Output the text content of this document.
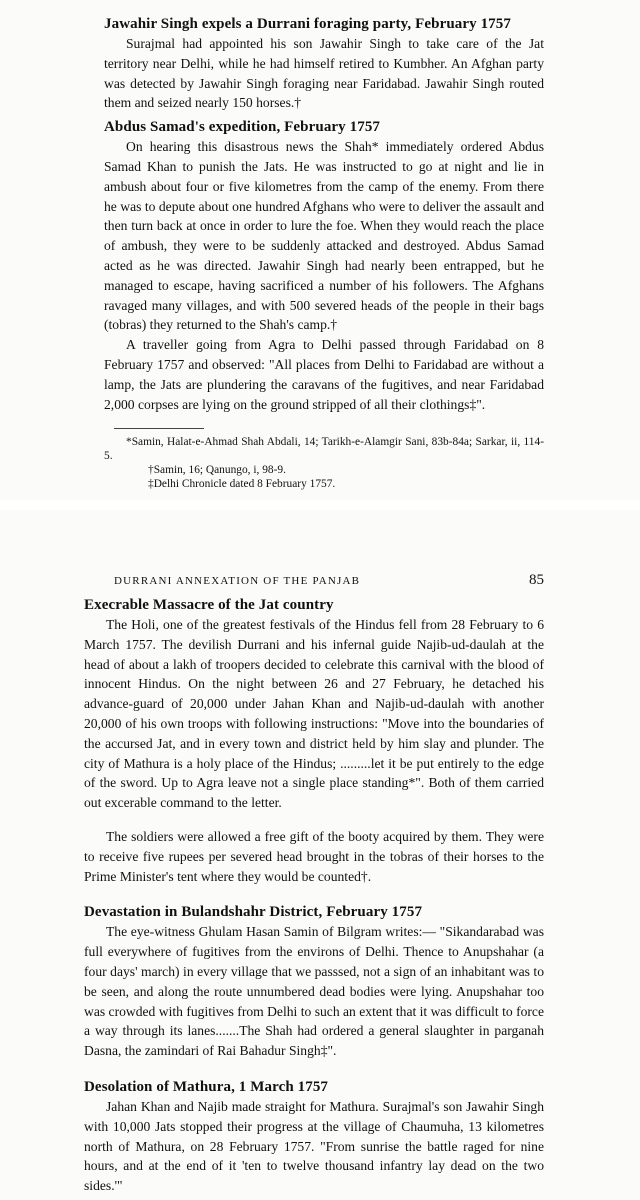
Jawahir Singh expels a Durrani foraging party, February 1757

Surajmal had appointed his son Jawahir Singh to take care of the Jat territory near Delhi, while he had himself retired to Kumbher. An Afghan party was detected by Jawahir Singh foraging near Faridabad. Jawahir Singh routed them and seized nearly 150 horses.†

Abdus Samad's expedition, February 1757

On hearing this disastrous news the Shah* immediately ordered Abdus Samad Khan to punish the Jats. He was instructed to go at night and lie in ambush about four or five kilometres from the camp of the enemy. From there he was to depute about one hundred Afghans who were to deliver the assault and then turn back at once in order to lure the foe. When they would reach the place of ambush, they were to be suddenly attacked and destroyed. Abdus Samad acted as he was directed. Jawahir Singh had nearly been entrapped, but he managed to escape, having sacrificed a number of his followers. The Afghans ravaged many villages, and with 500 severed heads of the people in their bags (tobras) they returned to the Shah's camp.†

A traveller going from Agra to Delhi passed through Faridabad on 8 February 1757 and observed: "All places from Delhi to Faridabad are without a lamp, the Jats are plundering the caravans of the fugitives, and near Faridabad 2,000 corpses are lying on the ground stripped of all their clothings‡".

*Samin, Halat-e-Ahmad Shah Abdali, 14; Tarikh-e-Alamgir Sani, 83b-84a; Sarkar, ii, 114-5.

†Samin, 16; Qanungo, i, 98-9.

‡Delhi Chronicle dated 8 February 1757.

DURRANI ANNEXATION OF THE PANJAB	85
Execrable Massacre of the Jat country

The Holi, one of the greatest festivals of the Hindus fell from 28 February to 6 March 1757. The devilish Durrani and his infernal guide Najib-ud-daulah at the head of about a lakh of troopers decided to celebrate this carnival with the blood of innocent Hindus. On the night between 26 and 27 February, he detached his advance-guard of 20,000 under Jahan Khan and Najib-ud-daulah with another 20,000 of his own troops with following instructions: "Move into the boundaries of the accursed Jat, and in every town and district held by him slay and plunder. The city of Mathura is a holy place of the Hindus; .........let it be put entirely to the edge of the sword. Up to Agra leave not a single place standing*". Both of them carried out excerable command to the letter.

The soldiers were allowed a free gift of the booty acquired by them. They were to receive five rupees per severed head brought in the tobras of their horses to the Prime Minister's tent where they would be counted†.

Devastation in Bulandshahr District, February 1757

The eye-witness Ghulam Hasan Samin of Bilgram writes:— "Sikandarabad was full everywhere of fugitives from the environs of Delhi. Thence to Anupshahar (a four days' march) in every village that we passsed, not a sign of an inhabitant was to be seen, and along the route unnumbered dead bodies were lying. Anupshahar too was crowded with fugitives from Delhi to such an extent that it was difficult to force a way through its lanes.......The Shah had ordered a general slaughter in parganah Dasna, the zamindari of Rai Bahadur Singh‡".

Desolation of Mathura, 1 March 1757

Jahan Khan and Najib made straight for Mathura. Surajmal's son Jawahir Singh with 10,000 Jats stopped their progress at the village of Chaumuha, 13 kilometres north of Mathura, on 28 February 1757. "From sunrise the battle raged for nine hours, and at the end of it 'ten to twelve thousand infantry lay dead on the two sides.'"
